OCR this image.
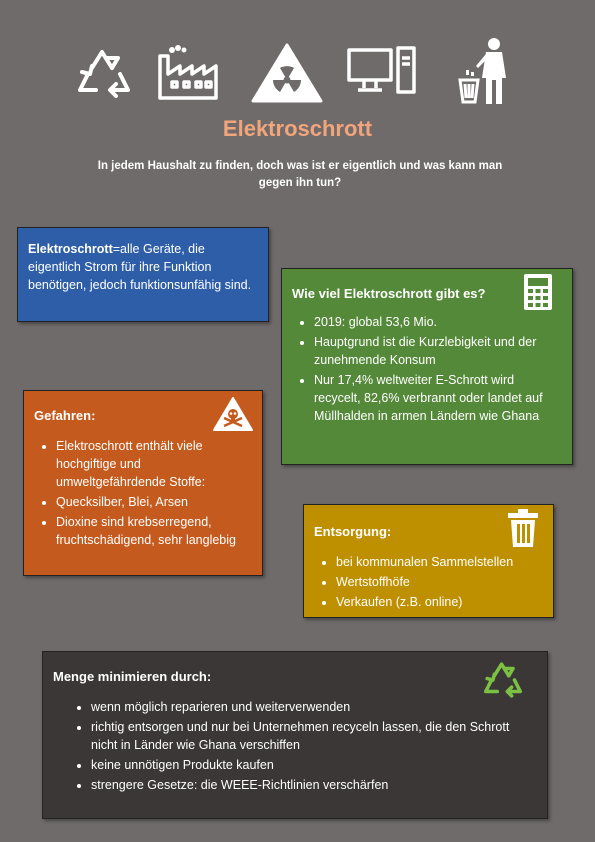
Elektroschrott
In jedem Haushalt zu finden, doch was ist er eigentlich und was kann man gegen ihn tun?
Elektroschrott=alle Geräte, die eigentlich Strom für ihre Funktion benötigen, jedoch funktionsunfähig sind.
Wie viel Elektroschrott gibt es?
• 2019: global 53,6 Mio.
• Hauptgrund ist die Kurzlebigkeit und der zunehmende Konsum
• Nur 17,4% weltweiter E-Schrott wird recycelt, 82,6% verbrannt oder landet auf Müllhalden in armen Ländern wie Ghana
Gefahren:
• Elektroschrott enthält viele hochgiftige und umweltgefährdende Stoffe:
• Quecksilber, Blei, Arsen
• Dioxine sind krebserregend, fruchtschädigend, sehr langlebig
Entsorgung:
• bei kommunalen Sammelstellen
• Wertstoffhöfe
• Verkaufen (z.B. online)
Menge minimieren durch:
• wenn möglich reparieren und weiterverwenden
• richtig entsorgen und nur bei Unternehmen recyceln lassen, die den Schrott nicht in Länder wie Ghana verschiffen
• keine unnötigen Produkte kaufen
• strengere Gesetze: die WEEE-Richtlinien verschärfen
